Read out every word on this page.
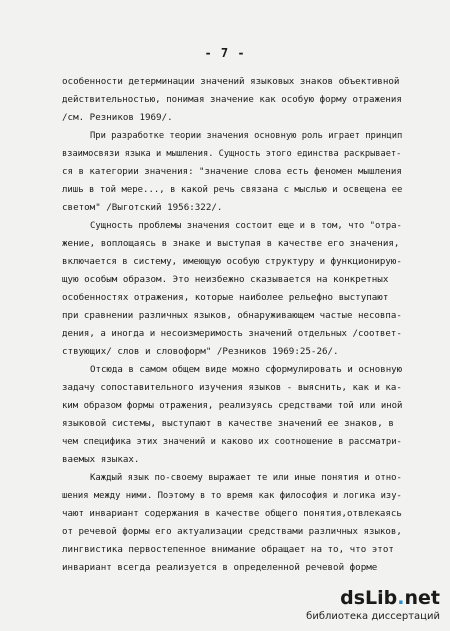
- 7 -
особенности детерминации значений языковых знаков объективной
действительностью, понимая значение как особую форму отражения
/см. Резников 1969/.
При разработке теории значения основную роль играет принцип
взаимосвязи языка и мышления. Сущность этого единства раскрывает-
ся в категории значения: "значение слова есть феномен мышления
лишь в той мере..., в какой речь связана с мыслью и освещена ее
светом" /Выготский 1956:322/.
Сущность проблемы значения состоит еще и в том, что "отра-
жение, воплощаясь в знаке и выступая в качестве его значения,
включается в систему, имеющую особую структуру и функционирую-
щую особым образом. Это неизбежно сказывается на конкретных
особенностях отражения, которые наиболее рельефно выступают
при сравнении различных языков, обнаруживающем частые несовпа-
дения, а иногда и несоизмеримость значений отдельных /соответ-
ствующих/ слов и словоформ" /Резников 1969:25-26/.
Отсюда в самом общем виде можно сформулировать и основную
задачу сопоставительного изучения языков - выяснить, как и ка-
ким образом формы отражения, реализуясь средствами той или иной
языковой системы, выступают в качестве значений ее знаков, в
чем специфика этих значений и каково их соотношение в рассматри-
ваемых языках.
Каждый язык по-своему выражает те или иные понятия и отно-
шения между ними. Поэтому в то время как философия и логика изу-
чают инвариант содержания в качестве общего понятия,отвлекаясь
от речевой формы его актуализации средствами различных языков,
лингвистика первостепенное внимание обращает на то, что этот
инвариант всегда реализуется в определенной речевой форме
dsLib.net
библиотека диссертаций
